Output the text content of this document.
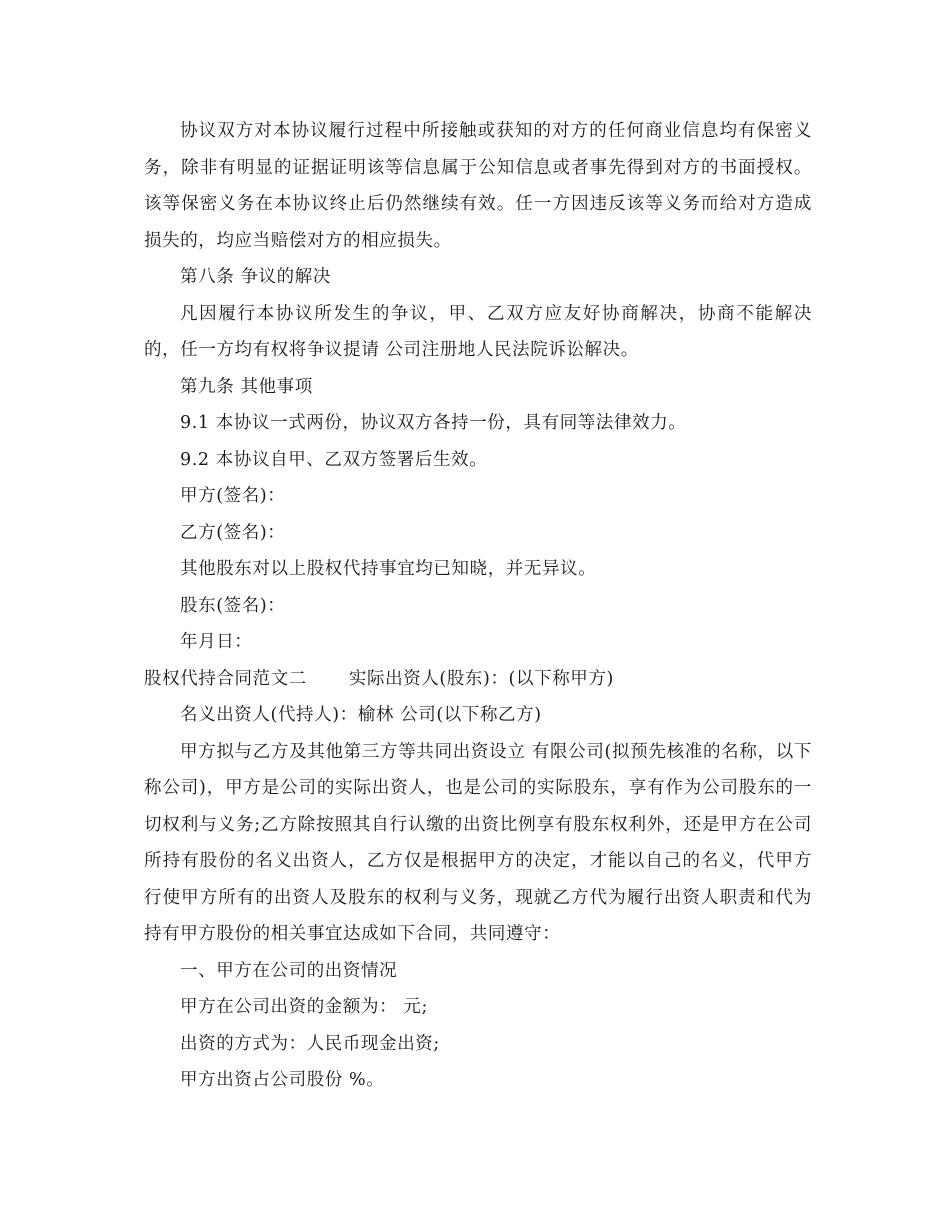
协议双方对本协议履行过程中所接触或获知的对方的任何商业信息均有保密义务，除非有明显的证据证明该等信息属于公知信息或者事先得到对方的书面授权。该等保密义务在本协议终止后仍然继续有效。任一方因违反该等义务而给对方造成损失的，均应当赔偿对方的相应损失。

第八条 争议的解决

凡因履行本协议所发生的争议，甲、乙双方应友好协商解决，协商不能解决的，任一方均有权将争议提请 公司注册地人民法院诉讼解决。

第九条 其他事项

9.1 本协议一式两份，协议双方各持一份，具有同等法律效力。

9.2 本协议自甲、乙双方签署后生效。

甲方(签名)：

乙方(签名)：

其他股东对以上股权代持事宜均已知晓，并无异议。

股东(签名)：

年月日：

股权代持合同范文二 实际出资人(股东)：(以下称甲方)

名义出资人(代持人)：榆林 公司(以下称乙方)

甲方拟与乙方及其他第三方等共同出资设立 有限公司(拟预先核准的名称，以下称公司)，甲方是公司的实际出资人，也是公司的实际股东，享有作为公司股东的一切权利与义务;乙方除按照其自行认缴的出资比例享有股东权利外，还是甲方在公司所持有股份的名义出资人，乙方仅是根据甲方的决定，才能以自己的名义，代甲方行使甲方所有的出资人及股东的权利与义务，现就乙方代为履行出资人职责和代为持有甲方股份的相关事宜达成如下合同，共同遵守：

一、甲方在公司的出资情况

甲方在公司出资的金额为： 元;

出资的方式为：人民币现金出资;

甲方出资占公司股份 %。
